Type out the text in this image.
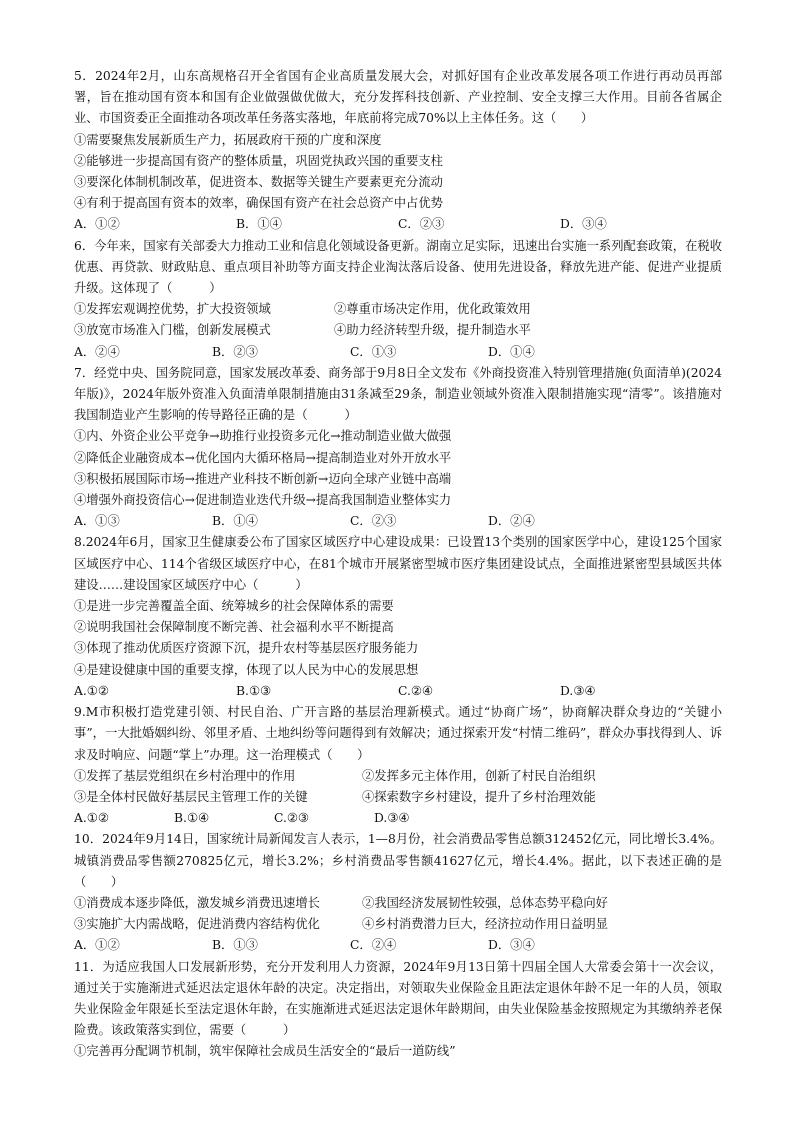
5．2024年2月，山东高规格召开全省国有企业高质量发展大会，对抓好国有企业改革发展各项工作进行再动员再部署，旨在推动国有资本和国有企业做强做优做大，充分发挥科技创新、产业控制、安全支撑三大作用。目前各省属企业、市国资委正全面推动各项改革任务落实落地，年底前将完成70%以上主体任务。这（　　）

①需要聚焦发展新质生产力，拓展政府干预的广度和深度
②能够进一步提高国有资产的整体质量，巩固党执政兴国的重要支柱
③要深化体制机制改革，促进资本、数据等关键生产要素更充分流动
④有利于提高国有资本的效率，确保国有资产在社会总资产中占优势
A．①②	B．①④	C．②③	D．③④

6．今年来，国家有关部委大力推动工业和信息化领域设备更新。湖南立足实际，迅速出台实施一系列配套政策，在税收优惠、再贷款、财政贴息、重点项目补助等方面支持企业淘汰落后设备、使用先进设备，释放先进产能、促进产业提质升级。这体现了（　　　）

①发挥宏观调控优势，扩大投资领域	②尊重市场决定作用，优化政策效用
③放宽市场准入门槛，创新发展模式	④助力经济转型升级，提升制造水平
A．②④	B．②③	C．①③	D．①④

7．经党中央、国务院同意，国家发展改革委、商务部于9月8日全文发布《外商投资准入特别管理措施(负面清单)(2024年版)》，2024年版外资准入负面清单限制措施由31条减至29条，制造业领域外资准入限制措施实现“清零”。该措施对我国制造业产生影响的传导路径正确的是（　　　）

①内、外资企业公平竞争→助推行业投资多元化→推动制造业做大做强
②降低企业融资成本→优化国内大循环格局→提高制造业对外开放水平
③积极拓展国际市场→推进产业科技不断创新→迈向全球产业链中高端
④增强外商投资信心→促进制造业迭代升级→提高我国制造业整体实力
A．①③	B．①④	C．②③	D．②④

8.2024年6月，国家卫生健康委公布了国家区域医疗中心建设成果：已设置13个类别的国家医学中心，建设125个国家区域医疗中心、114个省级区域医疗中心，在81个城市开展紧密型城市医疗集团建设试点，全面推进紧密型县域医共体建设……建设国家区域医疗中心（　　　）

①是进一步完善覆盖全面、统筹城乡的社会保障体系的需要
②说明我国社会保障制度不断完善、社会福利水平不断提高
③体现了推动优质医疗资源下沉，提升农村等基层医疗服务能力
④是建设健康中国的重要支撑，体现了以人民为中心的发展思想
A.①②	B.①③	C.②④	D.③④

9.M市积极打造党建引领、村民自治、广开言路的基层治理新模式。通过“协商广场”，协商解决群众身边的“关键小事”，一大批婚姻纠纷、邻里矛盾、土地纠纷等问题得到有效解决；通过探索开发“村情二维码”，群众办事找得到人、诉求及时响应、问题“掌上”办理。这一治理模式（　　）

①发挥了基层党组织在乡村治理中的作用	②发挥多元主体作用，创新了村民自治组织
③是全体村民做好基层民主管理工作的关键	④探索数字乡村建设，提升了乡村治理效能
A.①②	B.①④	C.②③	D.③④

10．2024年9月14日，国家统计局新闻发言人表示，1—8月份，社会消费品零售总额312452亿元，同比增长3.4%。城镇消费品零售额270825亿元，增长3.2%；乡村消费品零售额41627亿元，增长4.4%。据此，以下表述正确的是（　　）

①消费成本逐步降低，激发城乡消费迅速增长	②我国经济发展韧性较强，总体态势平稳向好
③实施扩大内需战略，促进消费内容结构优化	④乡村消费潜力巨大，经济拉动作用日益明显
A．①②	B．①③	C．②④	D．③④

11．为适应我国人口发展新形势，充分开发利用人力资源，2024年9月13日第十四届全国人大常委会第十一次会议，通过关于实施渐进式延迟法定退休年龄的决定。决定指出，对领取失业保险金且距法定退休年龄不足一年的人员，领取失业保险金年限延长至法定退休年龄，在实施渐进式延迟法定退休年龄期间，由失业保险基金按照规定为其缴纳养老保险费。该政策落实到位，需要（　　　）

①完善再分配调节机制，筑牢保障社会成员生活安全的“最后一道防线”
